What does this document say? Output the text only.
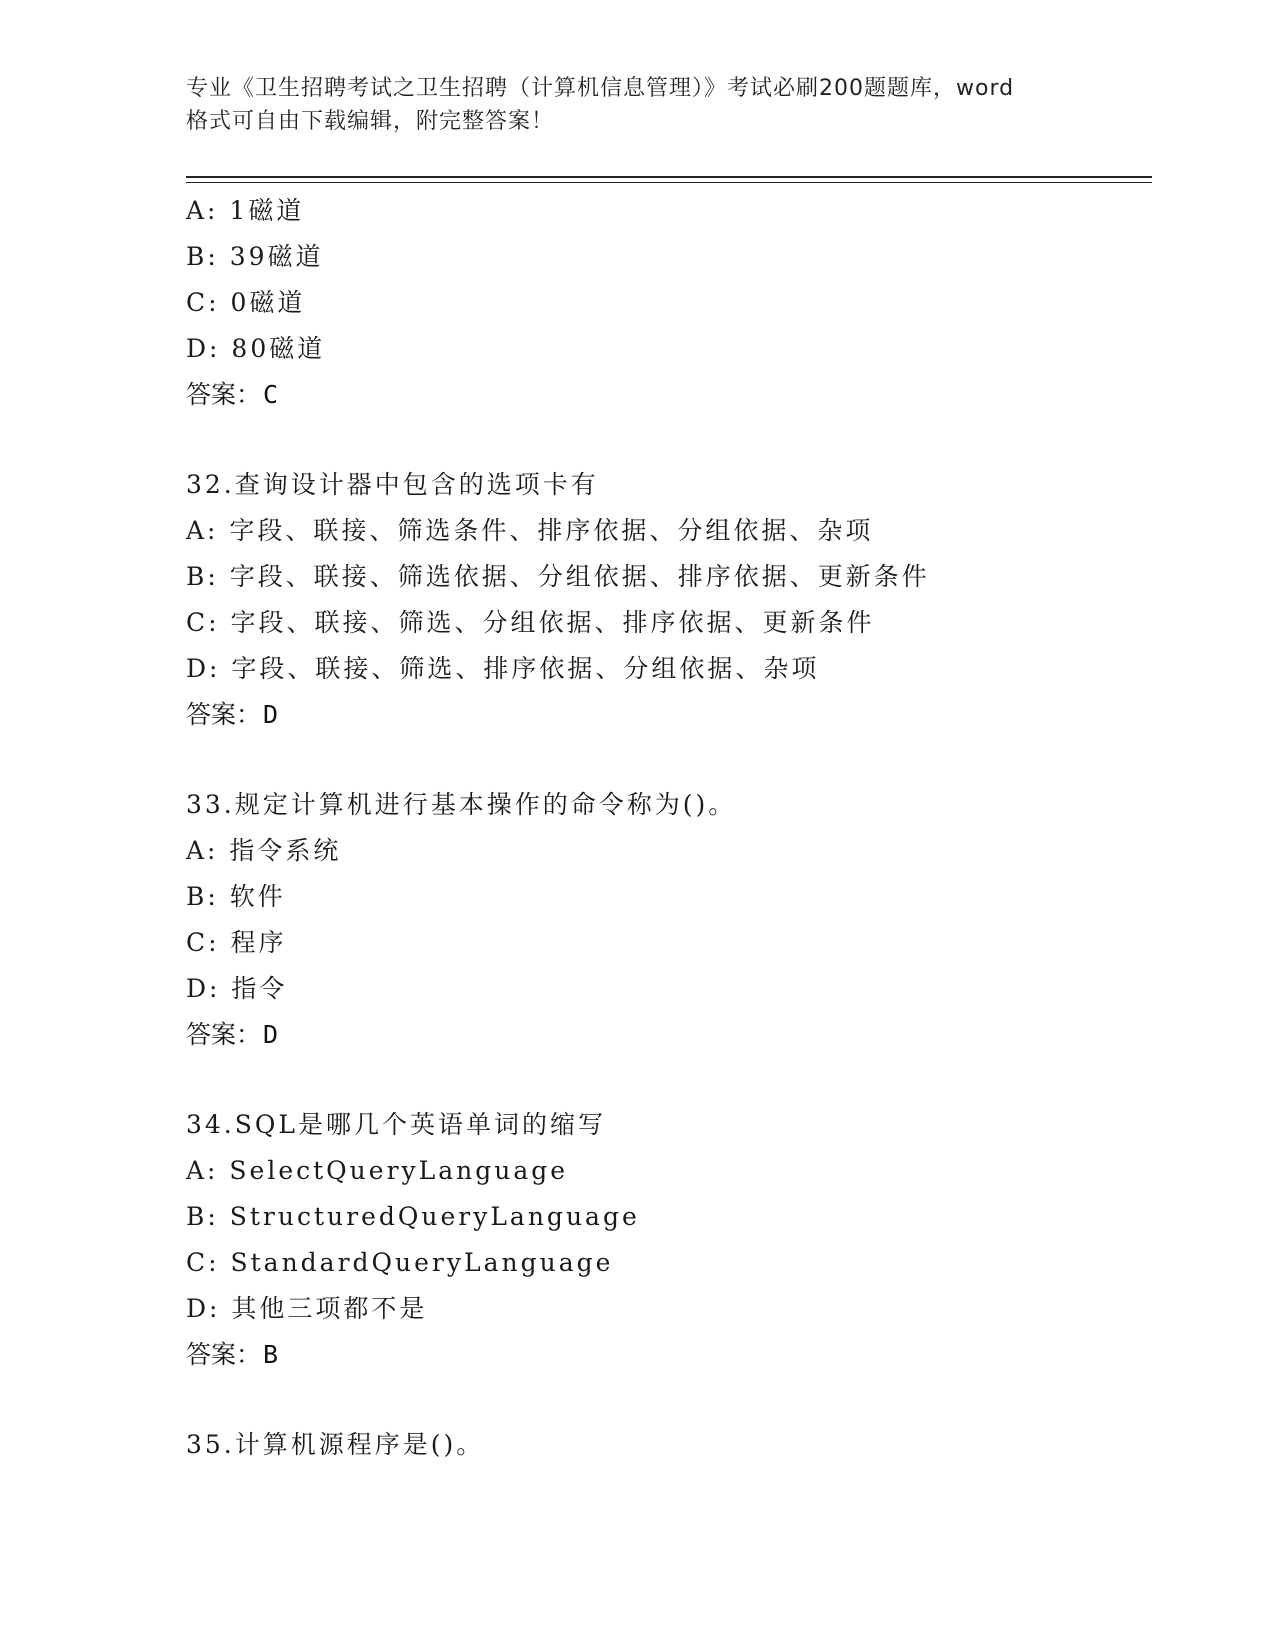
专业《卫生招聘考试之卫生招聘（计算机信息管理）》考试必刷200题题库，word
格式可自由下载编辑，附完整答案！
A: 1磁道
B: 39磁道
C: 0磁道
D: 80磁道
答案：C
32.查询设计器中包含的选项卡有
A: 字段、联接、筛选条件、排序依据、分组依据、杂项
B: 字段、联接、筛选依据、分组依据、排序依据、更新条件
C: 字段、联接、筛选、分组依据、排序依据、更新条件
D: 字段、联接、筛选、排序依据、分组依据、杂项
答案：D
33.规定计算机进行基本操作的命令称为()。
A: 指令系统
B: 软件
C: 程序
D: 指令
答案：D
34.SQL是哪几个英语单词的缩写
A: SelectQueryLanguage
B: StructuredQueryLanguage
C: StandardQueryLanguage
D: 其他三项都不是
答案：B
35.计算机源程序是()。
